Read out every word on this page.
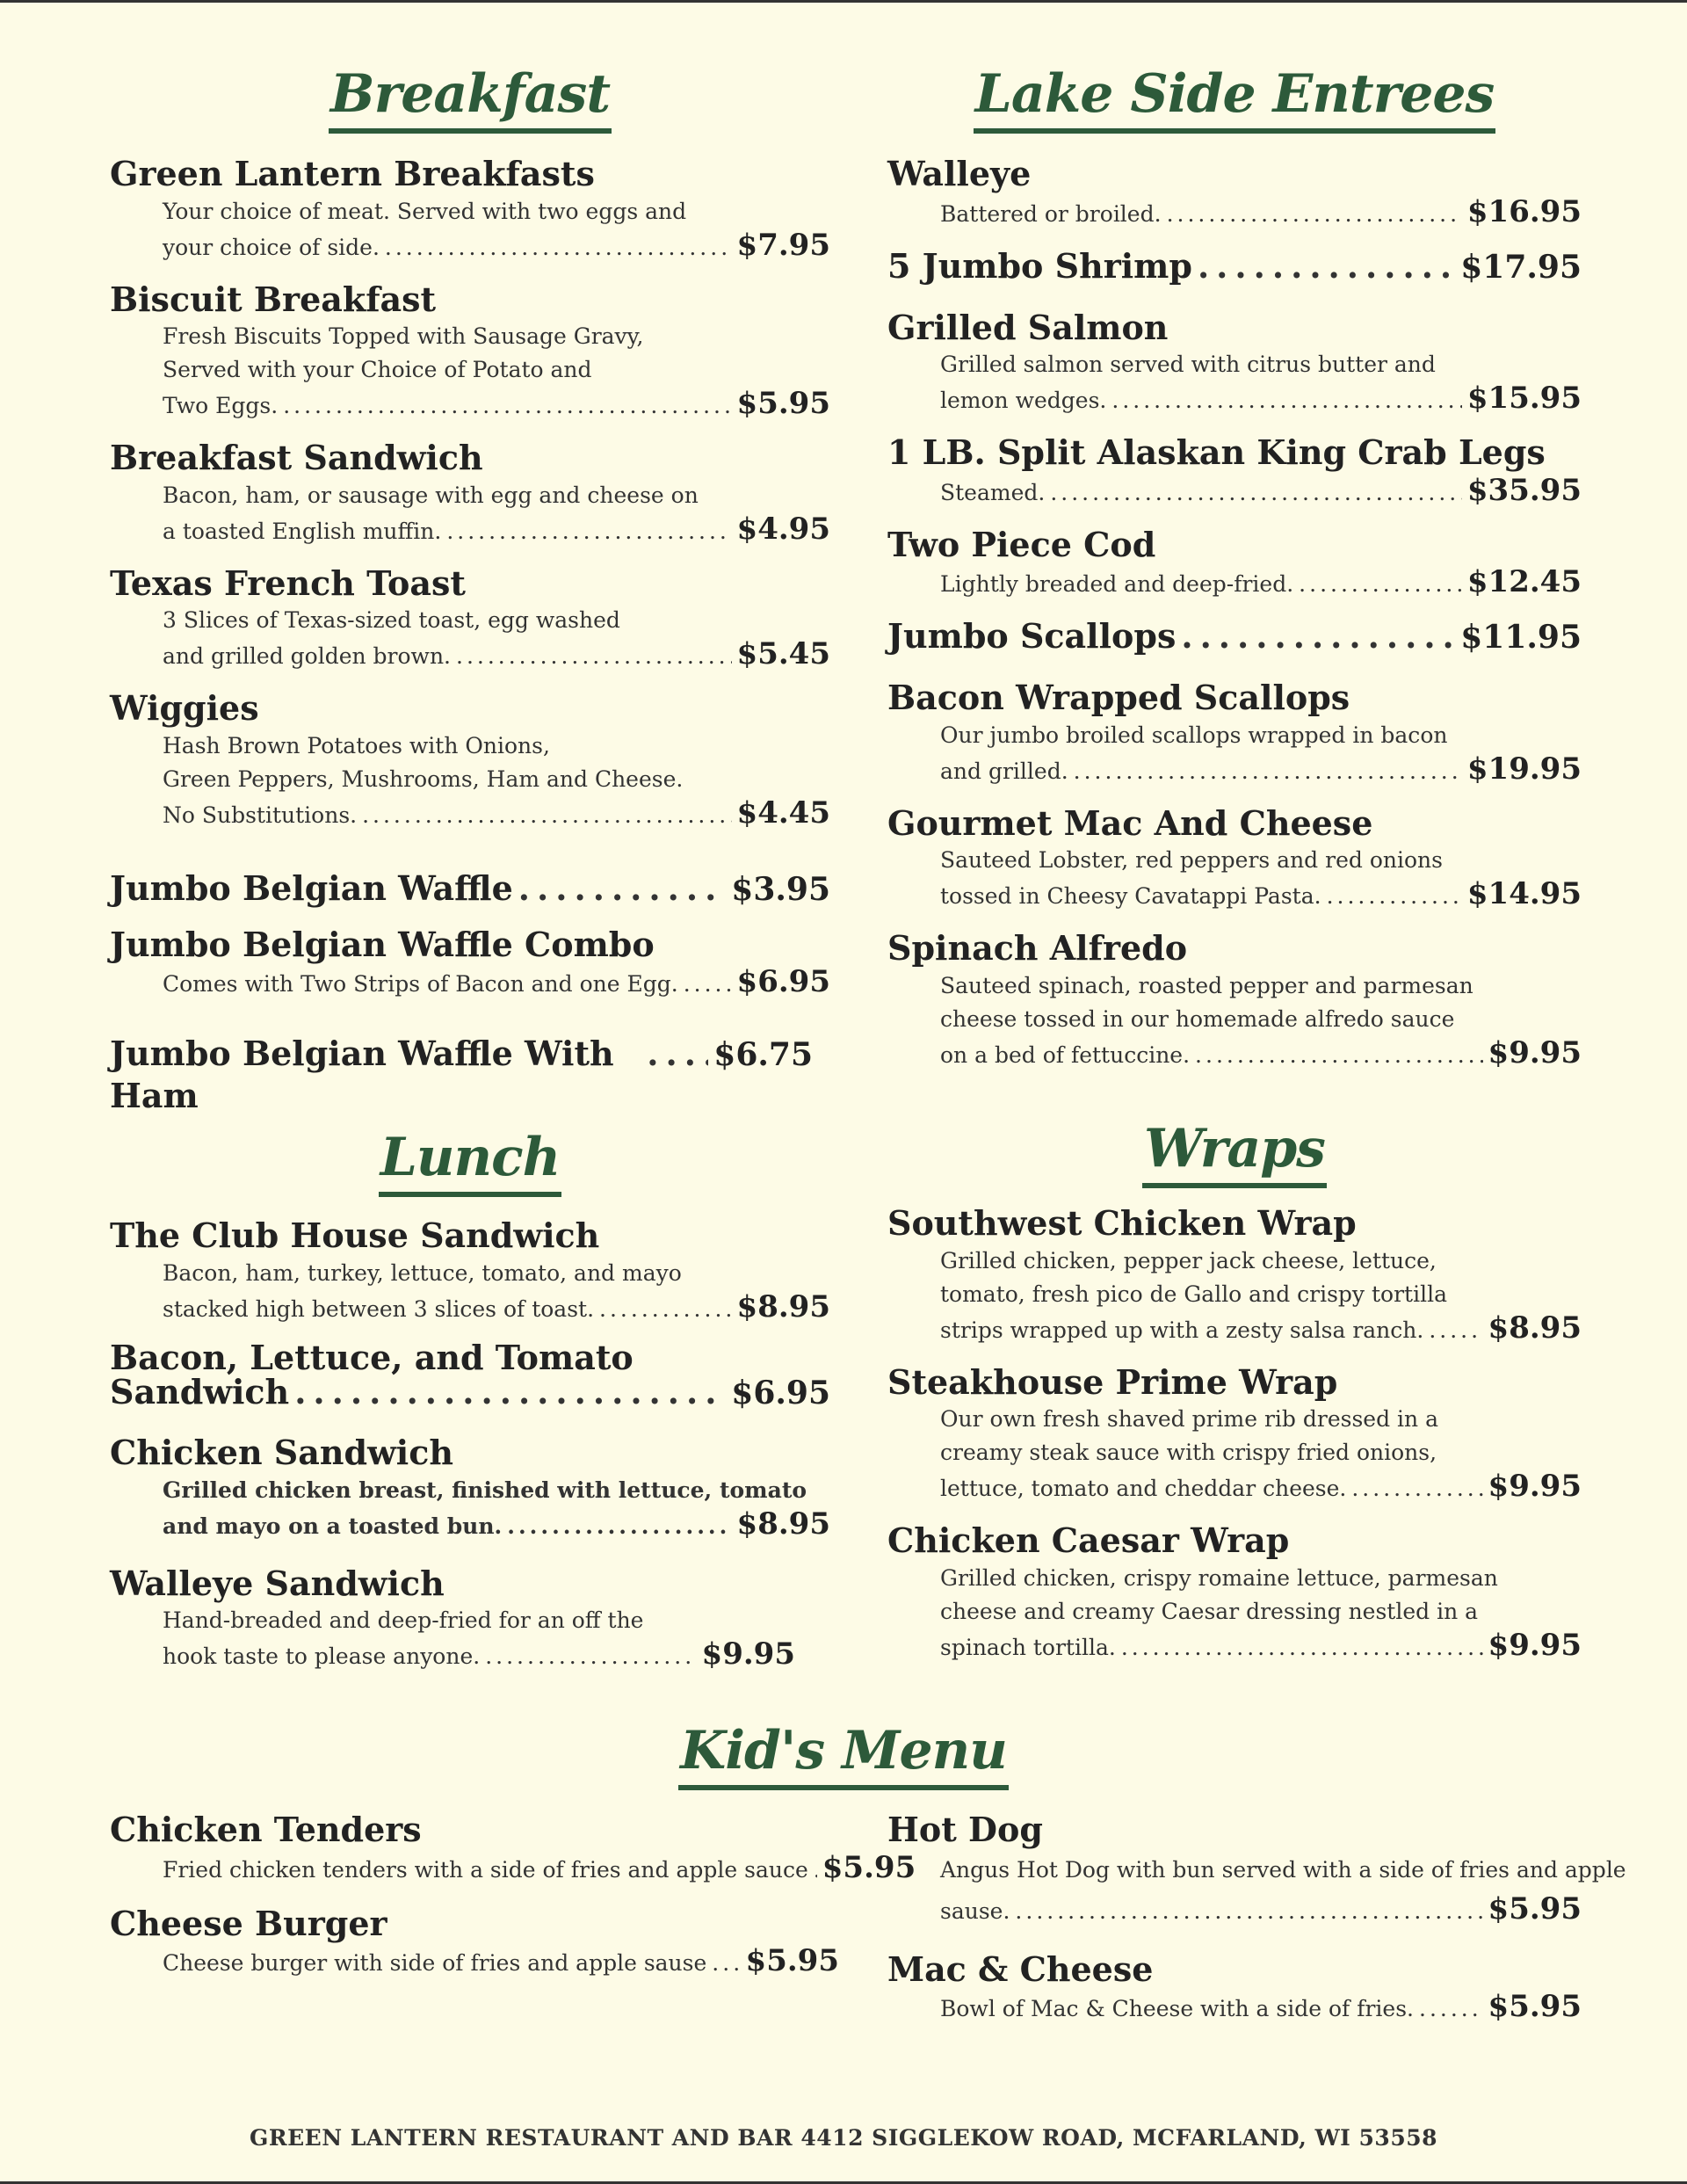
Breakfast
Green Lantern Breakfasts
Your choice of meat. Served with two eggs and
your choice of side. .....	$7.95
Biscuit Breakfast
Fresh Biscuits Topped with Sausage Gravy,
Served with your Choice of Potato and
Two Eggs. .....	$5.95
Breakfast Sandwich
Bacon, ham, or sausage with egg and cheese on
a toasted English muffin. .....	$4.95
Texas French Toast
3 Slices of Texas-sized toast, egg washed
and grilled golden brown. .....	$5.45
Wiggies
Hash Brown Potatoes with Onions,
Green Peppers, Mushrooms, Ham and Cheese.
No Substitutions. .....	$4.45
Jumbo Belgian Waffle .....	$3.95
Jumbo Belgian Waffle Combo
Comes with Two Strips of Bacon and one Egg. ..... $6.95
Jumbo Belgian Waffle With Ham
.....
$6.75
Lunch
The Club House Sandwich
Bacon, ham, turkey, lettuce, tomato, and mayo
stacked high between 3 slices of toast. .....	$8.95
Bacon, Lettuce, and Tomato
Sandwich .....	$6.95
Chicken Sandwich
Grilled chicken breast, finished with lettuce, tomato
and mayo on a toasted bun. .....	$8.95
Walleye Sandwich
Hand-breaded and deep-fried for an off the
hook taste to please anyone. .....	$9.95
Lake Side Entrees
Walleye
Battered or broiled. .....	$16.95
5 Jumbo Shrimp .....	$17.95
Grilled Salmon
Grilled salmon served with citrus butter and
lemon wedges. .....	$15.95
1 LB. Split Alaskan King Crab Legs
Steamed. .....	$35.95
Two Piece Cod
Lightly breaded and deep-fried. .....	$12.45
Jumbo Scallops .....	$11.95
Bacon Wrapped Scallops
Our jumbo broiled scallops wrapped in bacon
and grilled. .....	$19.95
Gourmet Mac And Cheese
Sauteed Lobster, red peppers and red onions
tossed in Cheesy Cavatappi Pasta. .....	$14.95
Spinach Alfredo
Sauteed spinach, roasted pepper and parmesan
cheese tossed in our homemade alfredo sauce
on a bed of fettuccine. .....	$9.95
Wraps
Southwest Chicken Wrap
Grilled chicken, pepper jack cheese, lettuce,
tomato, fresh pico de Gallo and crispy tortilla
strips wrapped up with a zesty salsa ranch. ..... $8.95
Steakhouse Prime Wrap
Our own fresh shaved prime rib dressed in a
creamy steak sauce with crispy fried onions,
lettuce, tomato and cheddar cheese. .....	$9.95
Chicken Caesar Wrap
Grilled chicken, crispy romaine lettuce, parmesan
cheese and creamy Caesar dressing nestled in a
spinach tortilla. .....	$9.95
Kid's Menu
Chicken Tenders
Fried chicken tenders with a side of fries and apple sauce ..... $5.95
Cheese Burger
Cheese burger with side of fries and apple sause ..... $5.95
Hot Dog
Angus Hot Dog with bun served with a side of fries and apple
sause. .....	$5.95
Mac & Cheese
Bowl of Mac & Cheese with a side of fries. ..... $5.95
GREEN LANTERN RESTAURANT AND BAR 4412 SIGGLEKOW ROAD, MCFARLAND, WI 53558
